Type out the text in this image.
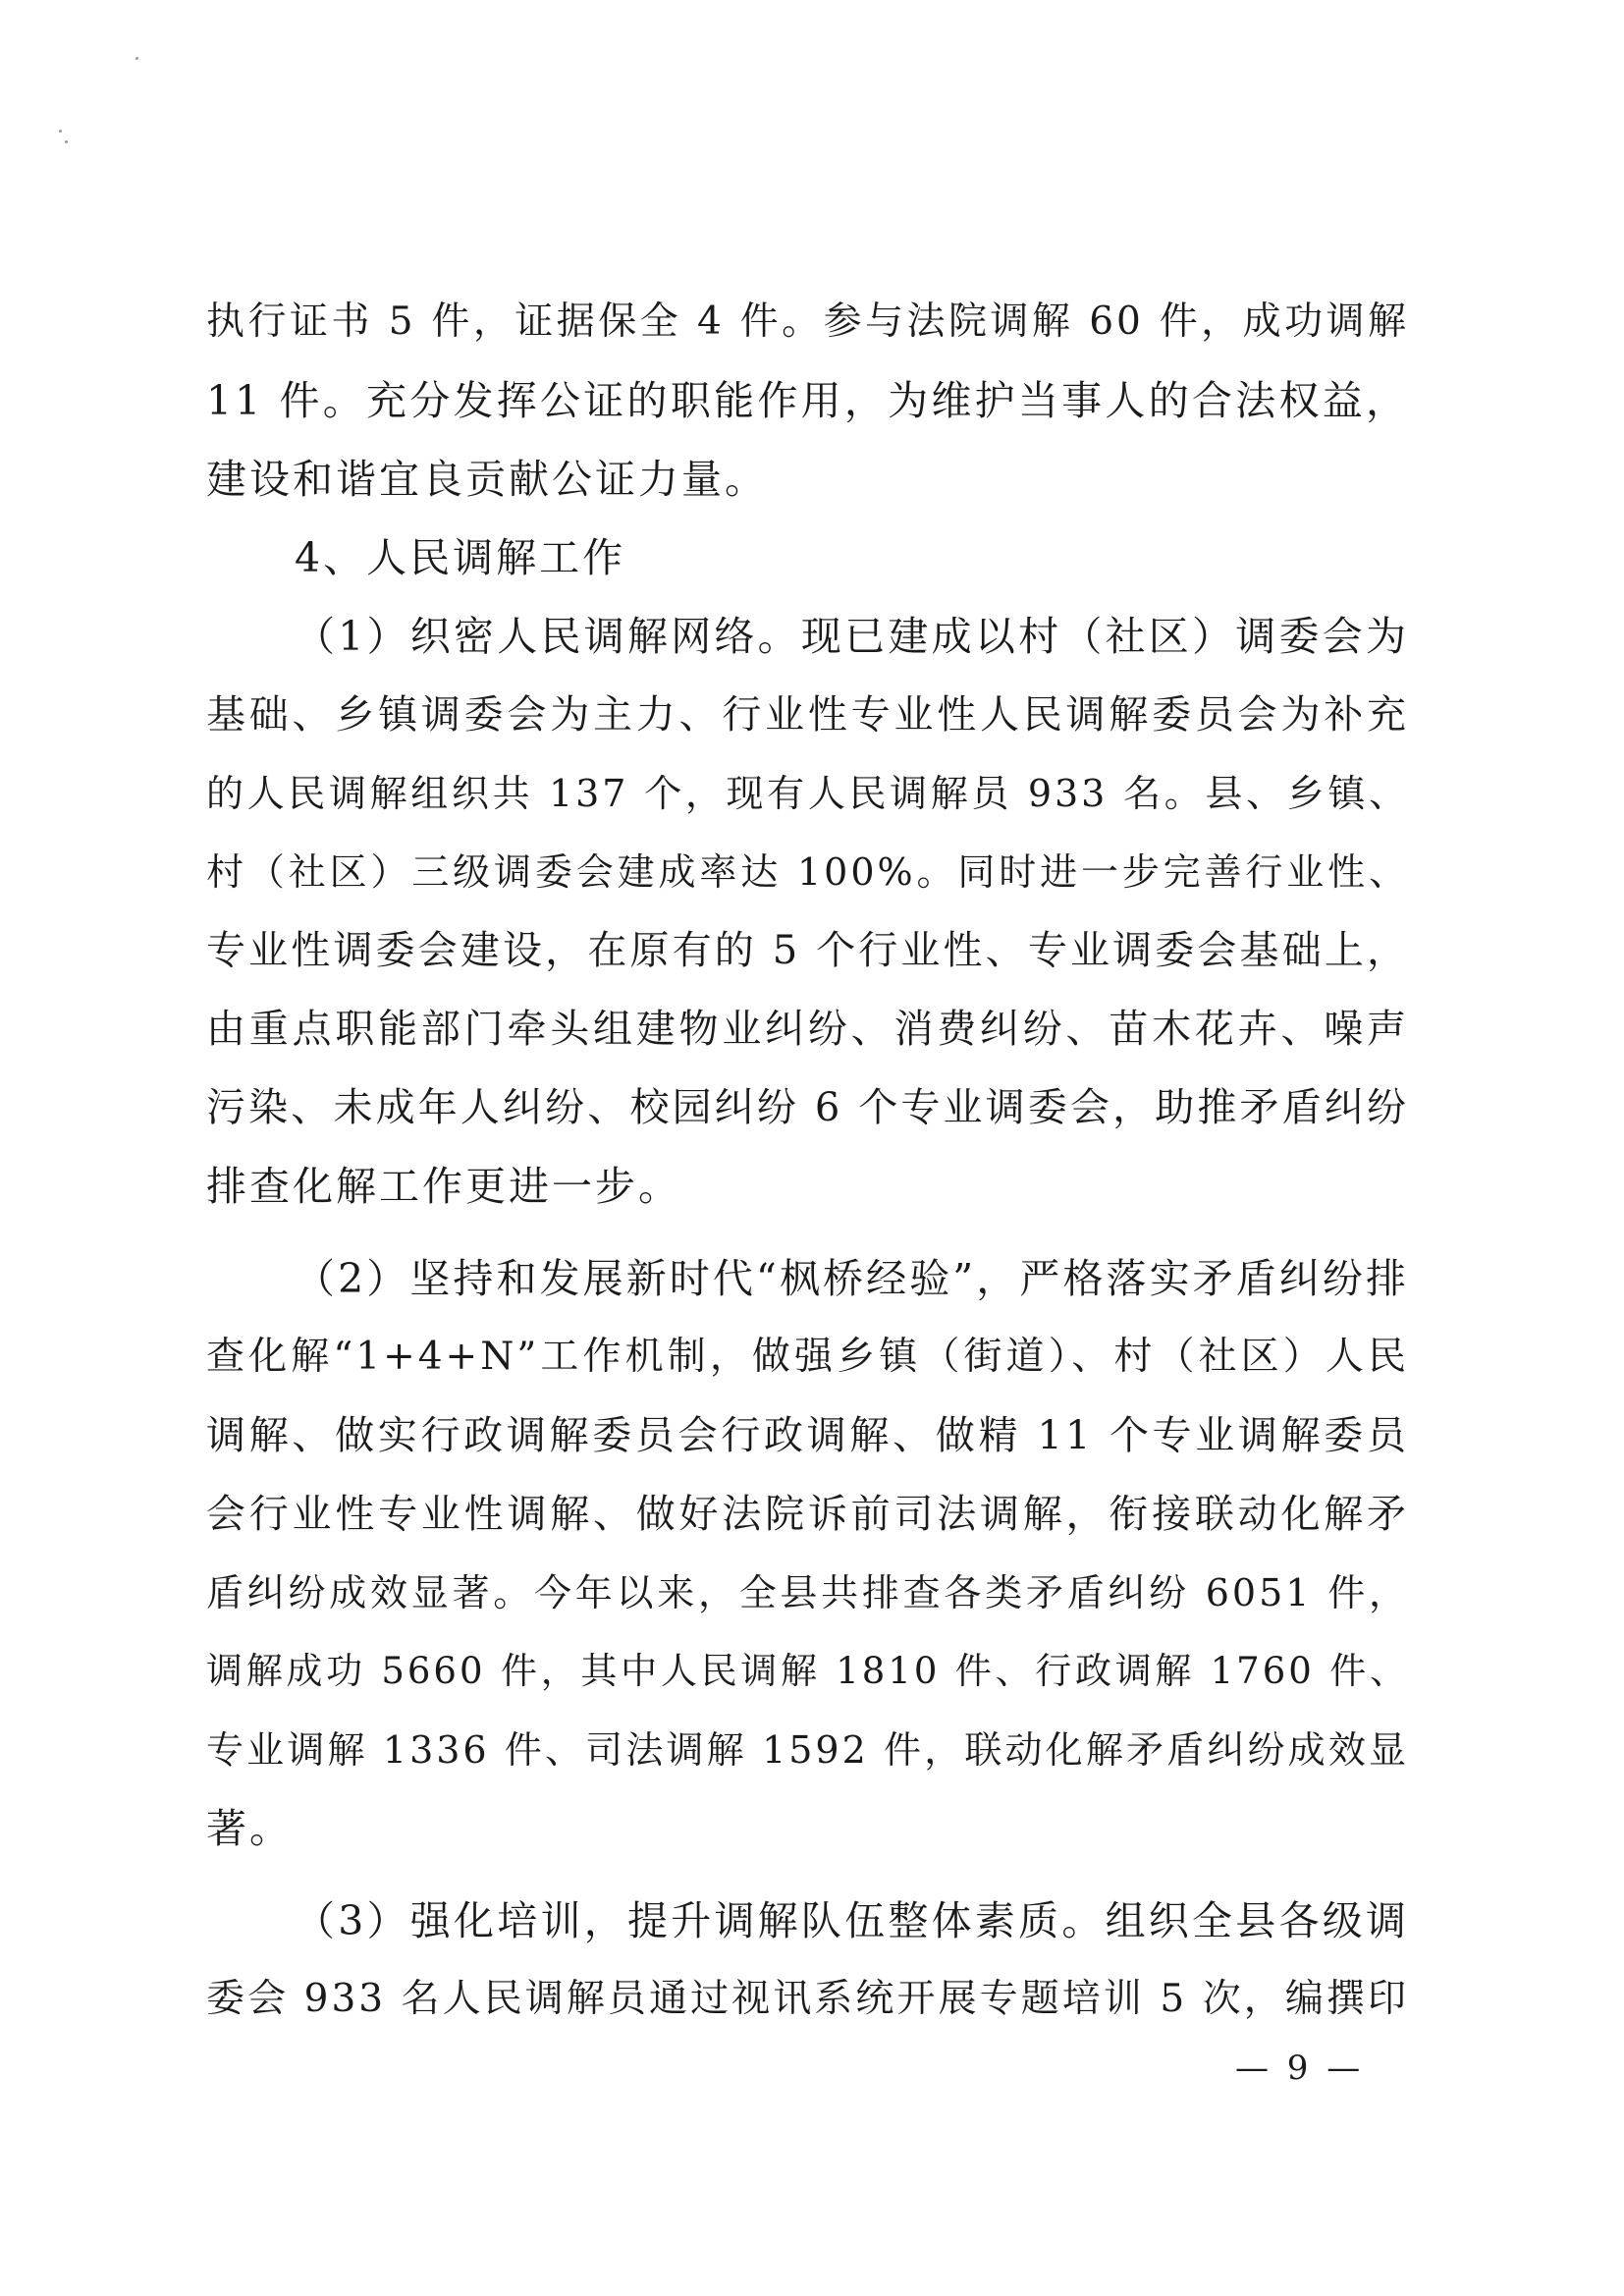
执行证书 5 件，证据保全 4 件。参与法院调解 60 件，成功调解
11 件。充分发挥公证的职能作用，为维护当事人的合法权益，
建设和谐宜良贡献公证力量。
4、人民调解工作
（1）织密人民调解网络。现已建成以村（社区）调委会为
基础、乡镇调委会为主力、行业性专业性人民调解委员会为补充
的人民调解组织共 137 个，现有人民调解员 933 名。县、乡镇、
村（社区）三级调委会建成率达 100%。同时进一步完善行业性、
专业性调委会建设，在原有的 5 个行业性、专业调委会基础上，
由重点职能部门牵头组建物业纠纷、消费纠纷、苗木花卉、噪声
污染、未成年人纠纷、校园纠纷 6 个专业调委会，助推矛盾纠纷
排查化解工作更进一步。
（2）坚持和发展新时代“枫桥经验”，严格落实矛盾纠纷排
查化解“1+4+N”工作机制，做强乡镇（街道）、村（社区）人民
调解、做实行政调解委员会行政调解、做精 11 个专业调解委员
会行业性专业性调解、做好法院诉前司法调解，衔接联动化解矛
盾纠纷成效显著。今年以来，全县共排查各类矛盾纠纷 6051 件，
调解成功 5660 件，其中人民调解 1810 件、行政调解 1760 件、
专业调解 1336 件、司法调解 1592 件，联动化解矛盾纠纷成效显
著。
（3）强化培训，提升调解队伍整体素质。组织全县各级调
委会 933 名人民调解员通过视讯系统开展专题培训 5 次，编撰印
— 9 —
